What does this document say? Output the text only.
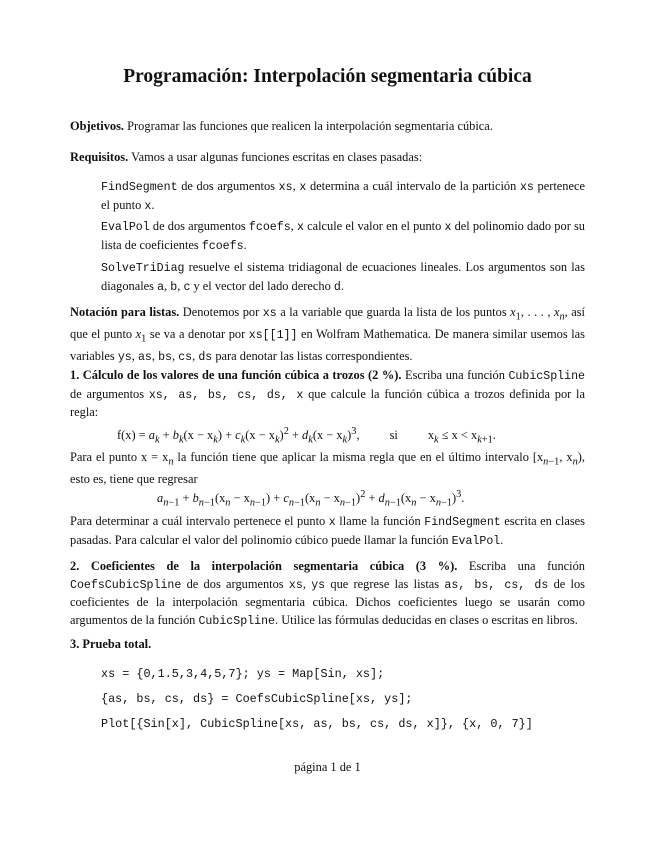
Programación: Interpolación segmentaria cúbica

Objetivos. Programar las funciones que realicen la interpolación segmentaria cúbica.

Requisitos. Vamos a usar algunas funciones escritas en clases pasadas:

FindSegment de dos argumentos xs, x determina a cuál intervalo de la partición xs pertenece el punto x.

EvalPol de dos argumentos fcoefs, x calcule el valor en el punto x del polinomio dado por su lista de coeficientes fcoefs.

SolveTriDiag resuelve el sistema tridiagonal de ecuaciones lineales. Los argumentos son las diagonales a, b, c y el vector del lado derecho d.

Notación para listas. Denotemos por xs a la variable que guarda la lista de los puntos $x_1$, . . . , $x_n$, así que el punto $x_1$ se va a denotar por xs[[1]] en Wolfram Mathematica. De manera similar usemos las variables ys, as, bs, cs, ds para denotar las listas correspondientes.

1. Cálculo de los valores de una función cúbica a trozos (2 %). Escriba una función CubicSpline de argumentos xs, as, bs, cs, ds, x que calcule la función cúbica a trozos definida por la regla:

$f(x) = a_k + b_k(x - x_k) + c_k(x - x_k)^2 + d_k(x - x_k)^3$, si $x_k \le x < x_{k+1}$.

Para el punto $x = x_n$ la función tiene que aplicar la misma regla que en el último intervalo [$x_{n-1}$, $x_n$), esto es, tiene que regresar

$a_{n-1} + b_{n-1}(x_n - x_{n-1}) + c_{n-1}(x_n - x_{n-1})^2 + d_{n-1}(x_n - x_{n-1})^3$.

Para determinar a cuál intervalo pertenece el punto x llame la función FindSegment escrita en clases pasadas. Para calcular el valor del polinomio cúbico puede llamar la función EvalPol.

2. Coeficientes de la interpolación segmentaria cúbica (3 %). Escriba una función CoefsCubicSpline de dos argumentos xs, ys que regrese las listas as, bs, cs, ds de los coeficientes de la interpolación segmentaria cúbica. Dichos coeficientes luego se usarán como argumentos de la función CubicSpline. Utilice las fórmulas deducidas en clases o escritas en libros.

3. Prueba total.

xs = {0,1.5,3,4,5,7}; ys = Map[Sin, xs];
{as, bs, cs, ds} = CoefsCubicSpline[xs, ys];
Plot[{Sin[x], CubicSpline[xs, as, bs, cs, ds, x]}, {x, 0, 7}]

página 1 de 1
